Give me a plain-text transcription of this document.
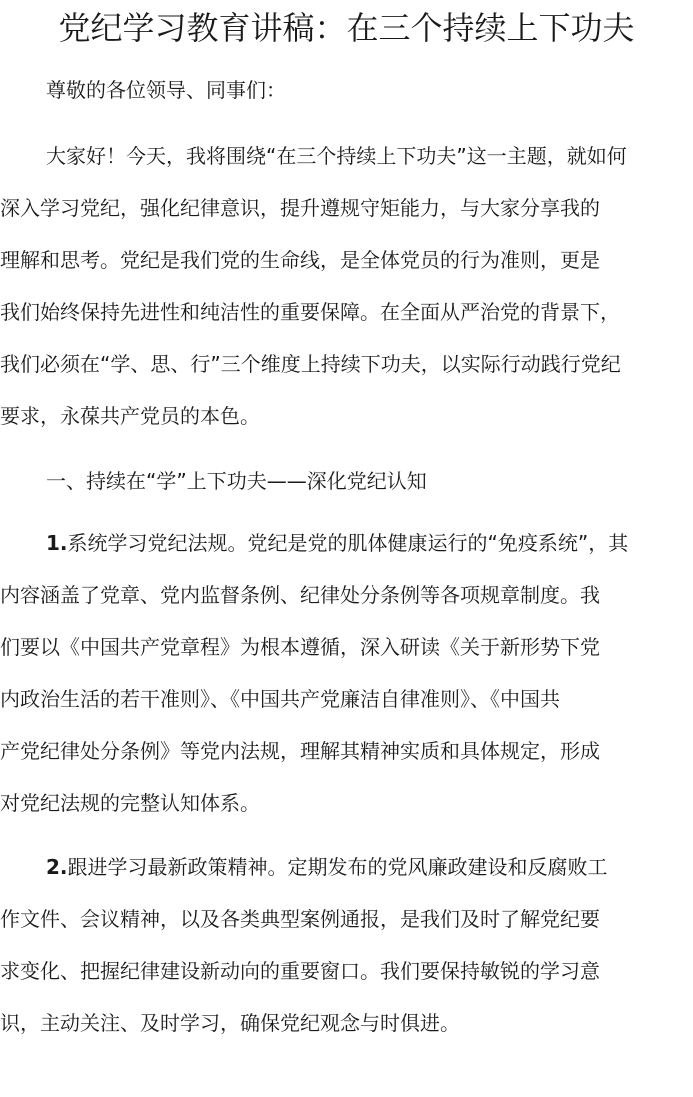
党纪学习教育讲稿：在三个持续上下功夫
尊敬的各位领导、同事们：
大家好！今天，我将围绕“在三个持续上下功夫”这一主题，就如何
深入学习党纪，强化纪律意识，提升遵规守矩能力，与大家分享我的
理解和思考。党纪是我们党的生命线，是全体党员的行为准则，更是
我们始终保持先进性和纯洁性的重要保障。在全面从严治党的背景下，
我们必须在“学、思、行”三个维度上持续下功夫，以实际行动践行党纪
要求，永葆共产党员的本色。
一、持续在“学”上下功夫——深化党纪认知
1.系统学习党纪法规。党纪是党的肌体健康运行的“免疫系统”，其
内容涵盖了党章、党内监督条例、纪律处分条例等各项规章制度。我
们要以《中国共产党章程》为根本遵循，深入研读《关于新形势下党
内政治生活的若干准则》、《中国共产党廉洁自律准则》、《中国共
产党纪律处分条例》等党内法规，理解其精神实质和具体规定，形成
对党纪法规的完整认知体系。
2.跟进学习最新政策精神。定期发布的党风廉政建设和反腐败工
作文件、会议精神，以及各类典型案例通报，是我们及时了解党纪要
求变化、把握纪律建设新动向的重要窗口。我们要保持敏锐的学习意
识，主动关注、及时学习，确保党纪观念与时俱进。
